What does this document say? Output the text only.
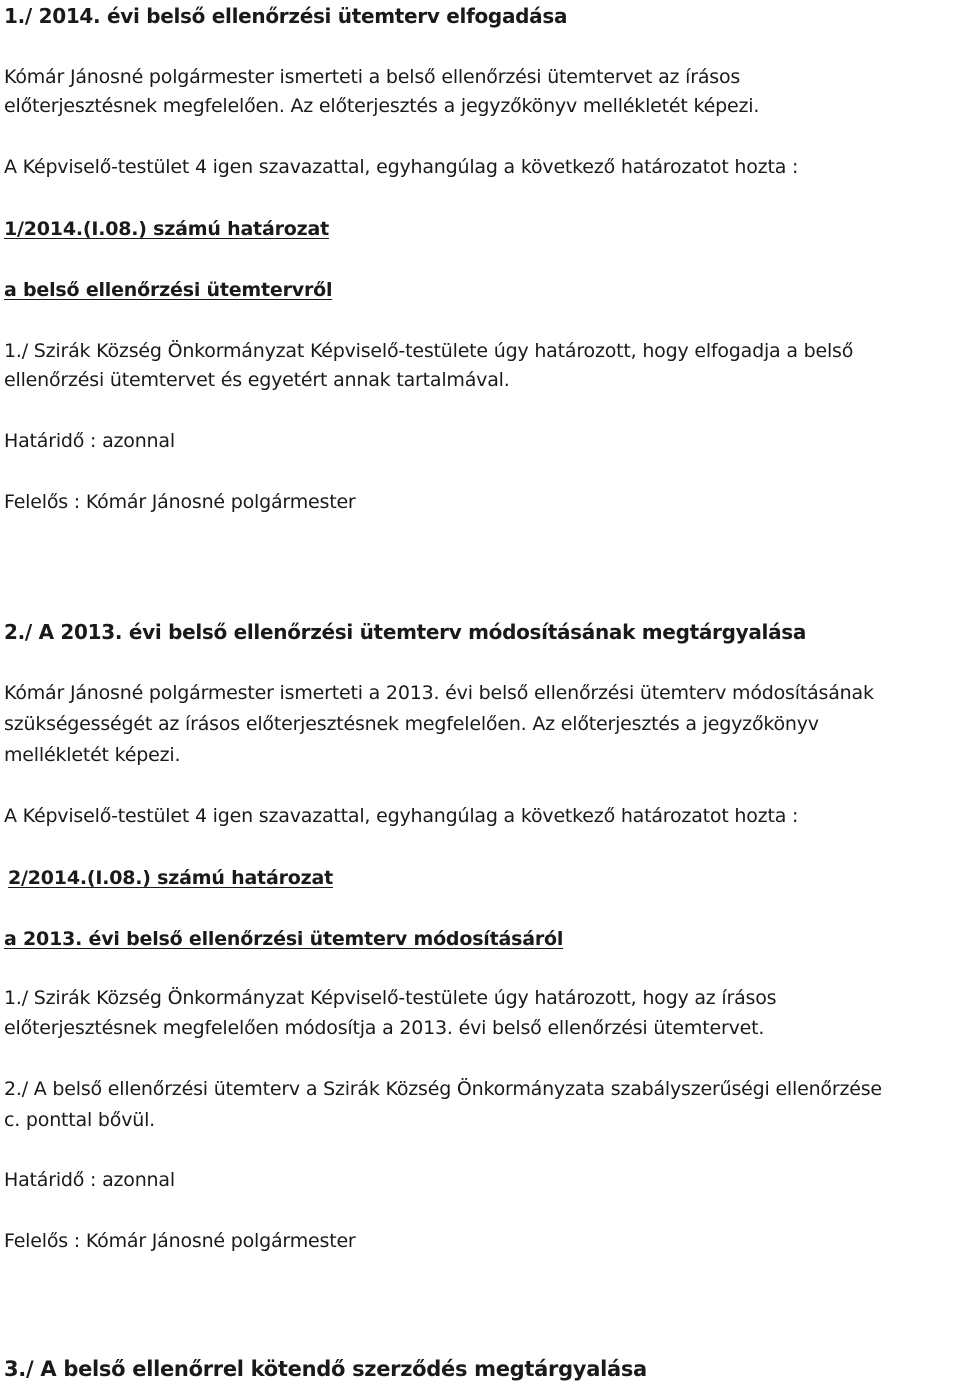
1./ 2014. évi belső ellenőrzési ütemterv elfogadása
Kómár Jánosné polgármester ismerteti a belső ellenőrzési ütemtervet az írásos
előterjesztésnek megfelelően. Az előterjesztés a jegyzőkönyv mellékletét képezi.
A Képviselő-testület 4 igen szavazattal, egyhangúlag a következő határozatot hozta :
1/2014.(I.08.) számú határozat
a belső ellenőrzési ütemtervről
1./ Szirák Község Önkormányzat Képviselő-testülete úgy határozott, hogy elfogadja a belső
ellenőrzési ütemtervet és egyetért annak tartalmával.
Határidő : azonnal
Felelős : Kómár Jánosné polgármester
2./ A 2013. évi belső ellenőrzési ütemterv módosításának megtárgyalása
Kómár Jánosné polgármester ismerteti a 2013. évi belső ellenőrzési ütemterv módosításának
szükségességét az írásos előterjesztésnek megfelelően. Az előterjesztés a jegyzőkönyv
mellékletét képezi.
A Képviselő-testület 4 igen szavazattal, egyhangúlag a következő határozatot hozta :
2/2014.(I.08.) számú határozat
a 2013. évi belső ellenőrzési ütemterv módosításáról
1./ Szirák Község Önkormányzat Képviselő-testülete úgy határozott, hogy az írásos
előterjesztésnek megfelelően módosítja a 2013. évi belső ellenőrzési ütemtervet.
2./ A belső ellenőrzési ütemterv a Szirák Község Önkormányzata szabályszerűségi ellenőrzése
c. ponttal bővül.
Határidő : azonnal
Felelős : Kómár Jánosné polgármester
3./ A belső ellenőrrel kötendő szerződés megtárgyalása
